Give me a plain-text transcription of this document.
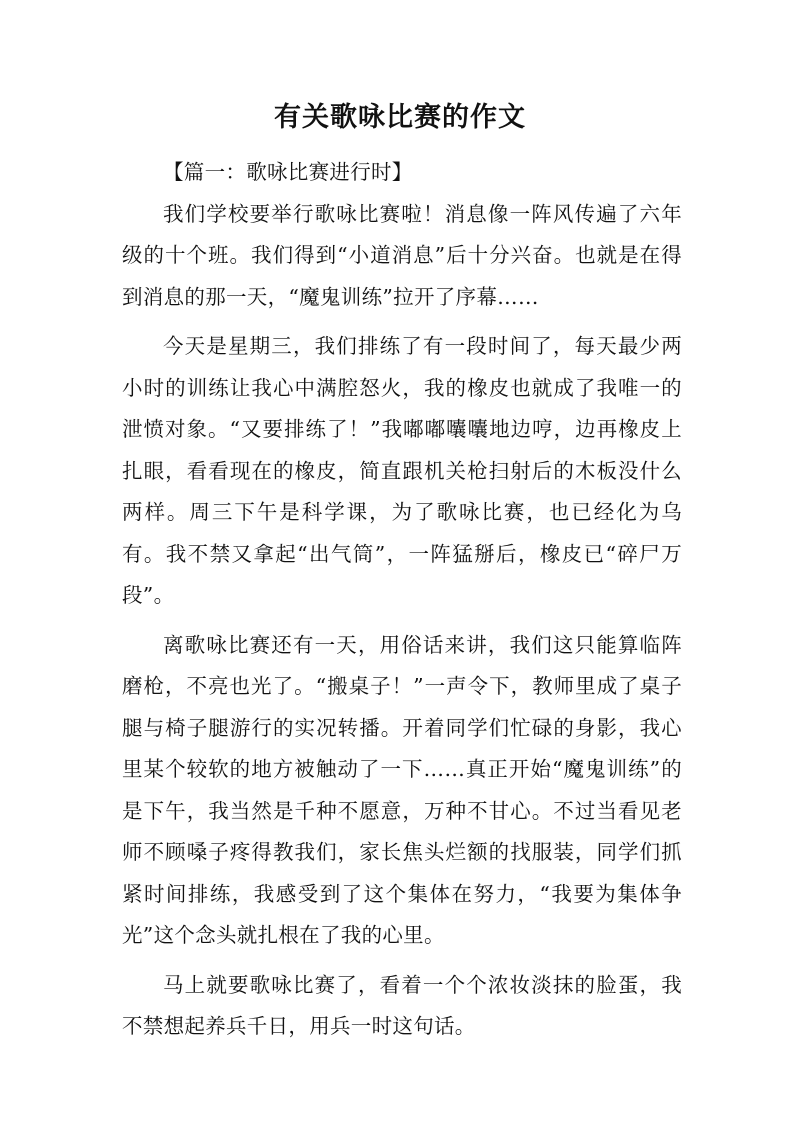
有关歌咏比赛的作文

【篇一：歌咏比赛进行时】

我们学校要举行歌咏比赛啦！消息像一阵风传遍了六年级的十个班。我们得到“小道消息”后十分兴奋。也就是在得到消息的那一天，“魔鬼训练”拉开了序幕……

今天是星期三，我们排练了有一段时间了，每天最少两小时的训练让我心中满腔怒火，我的橡皮也就成了我唯一的泄愤对象。“又要排练了！”我嘟嘟囔囔地边哼，边再橡皮上扎眼，看看现在的橡皮，简直跟机关枪扫射后的木板没什么两样。周三下午是科学课，为了歌咏比赛，也已经化为乌有。我不禁又拿起“出气筒”，一阵猛掰后，橡皮已“碎尸万段”。

离歌咏比赛还有一天，用俗话来讲，我们这只能算临阵磨枪，不亮也光了。“搬桌子！”一声令下，教师里成了桌子腿与椅子腿游行的实况转播。开着同学们忙碌的身影，我心里某个较软的地方被触动了一下……真正开始“魔鬼训练”的是下午，我当然是千种不愿意，万种不甘心。不过当看见老师不顾嗓子疼得教我们，家长焦头烂额的找服装，同学们抓紧时间排练，我感受到了这个集体在努力，“我要为集体争光”这个念头就扎根在了我的心里。

马上就要歌咏比赛了，看着一个个浓妆淡抹的脸蛋，我不禁想起养兵千日，用兵一时这句话。
